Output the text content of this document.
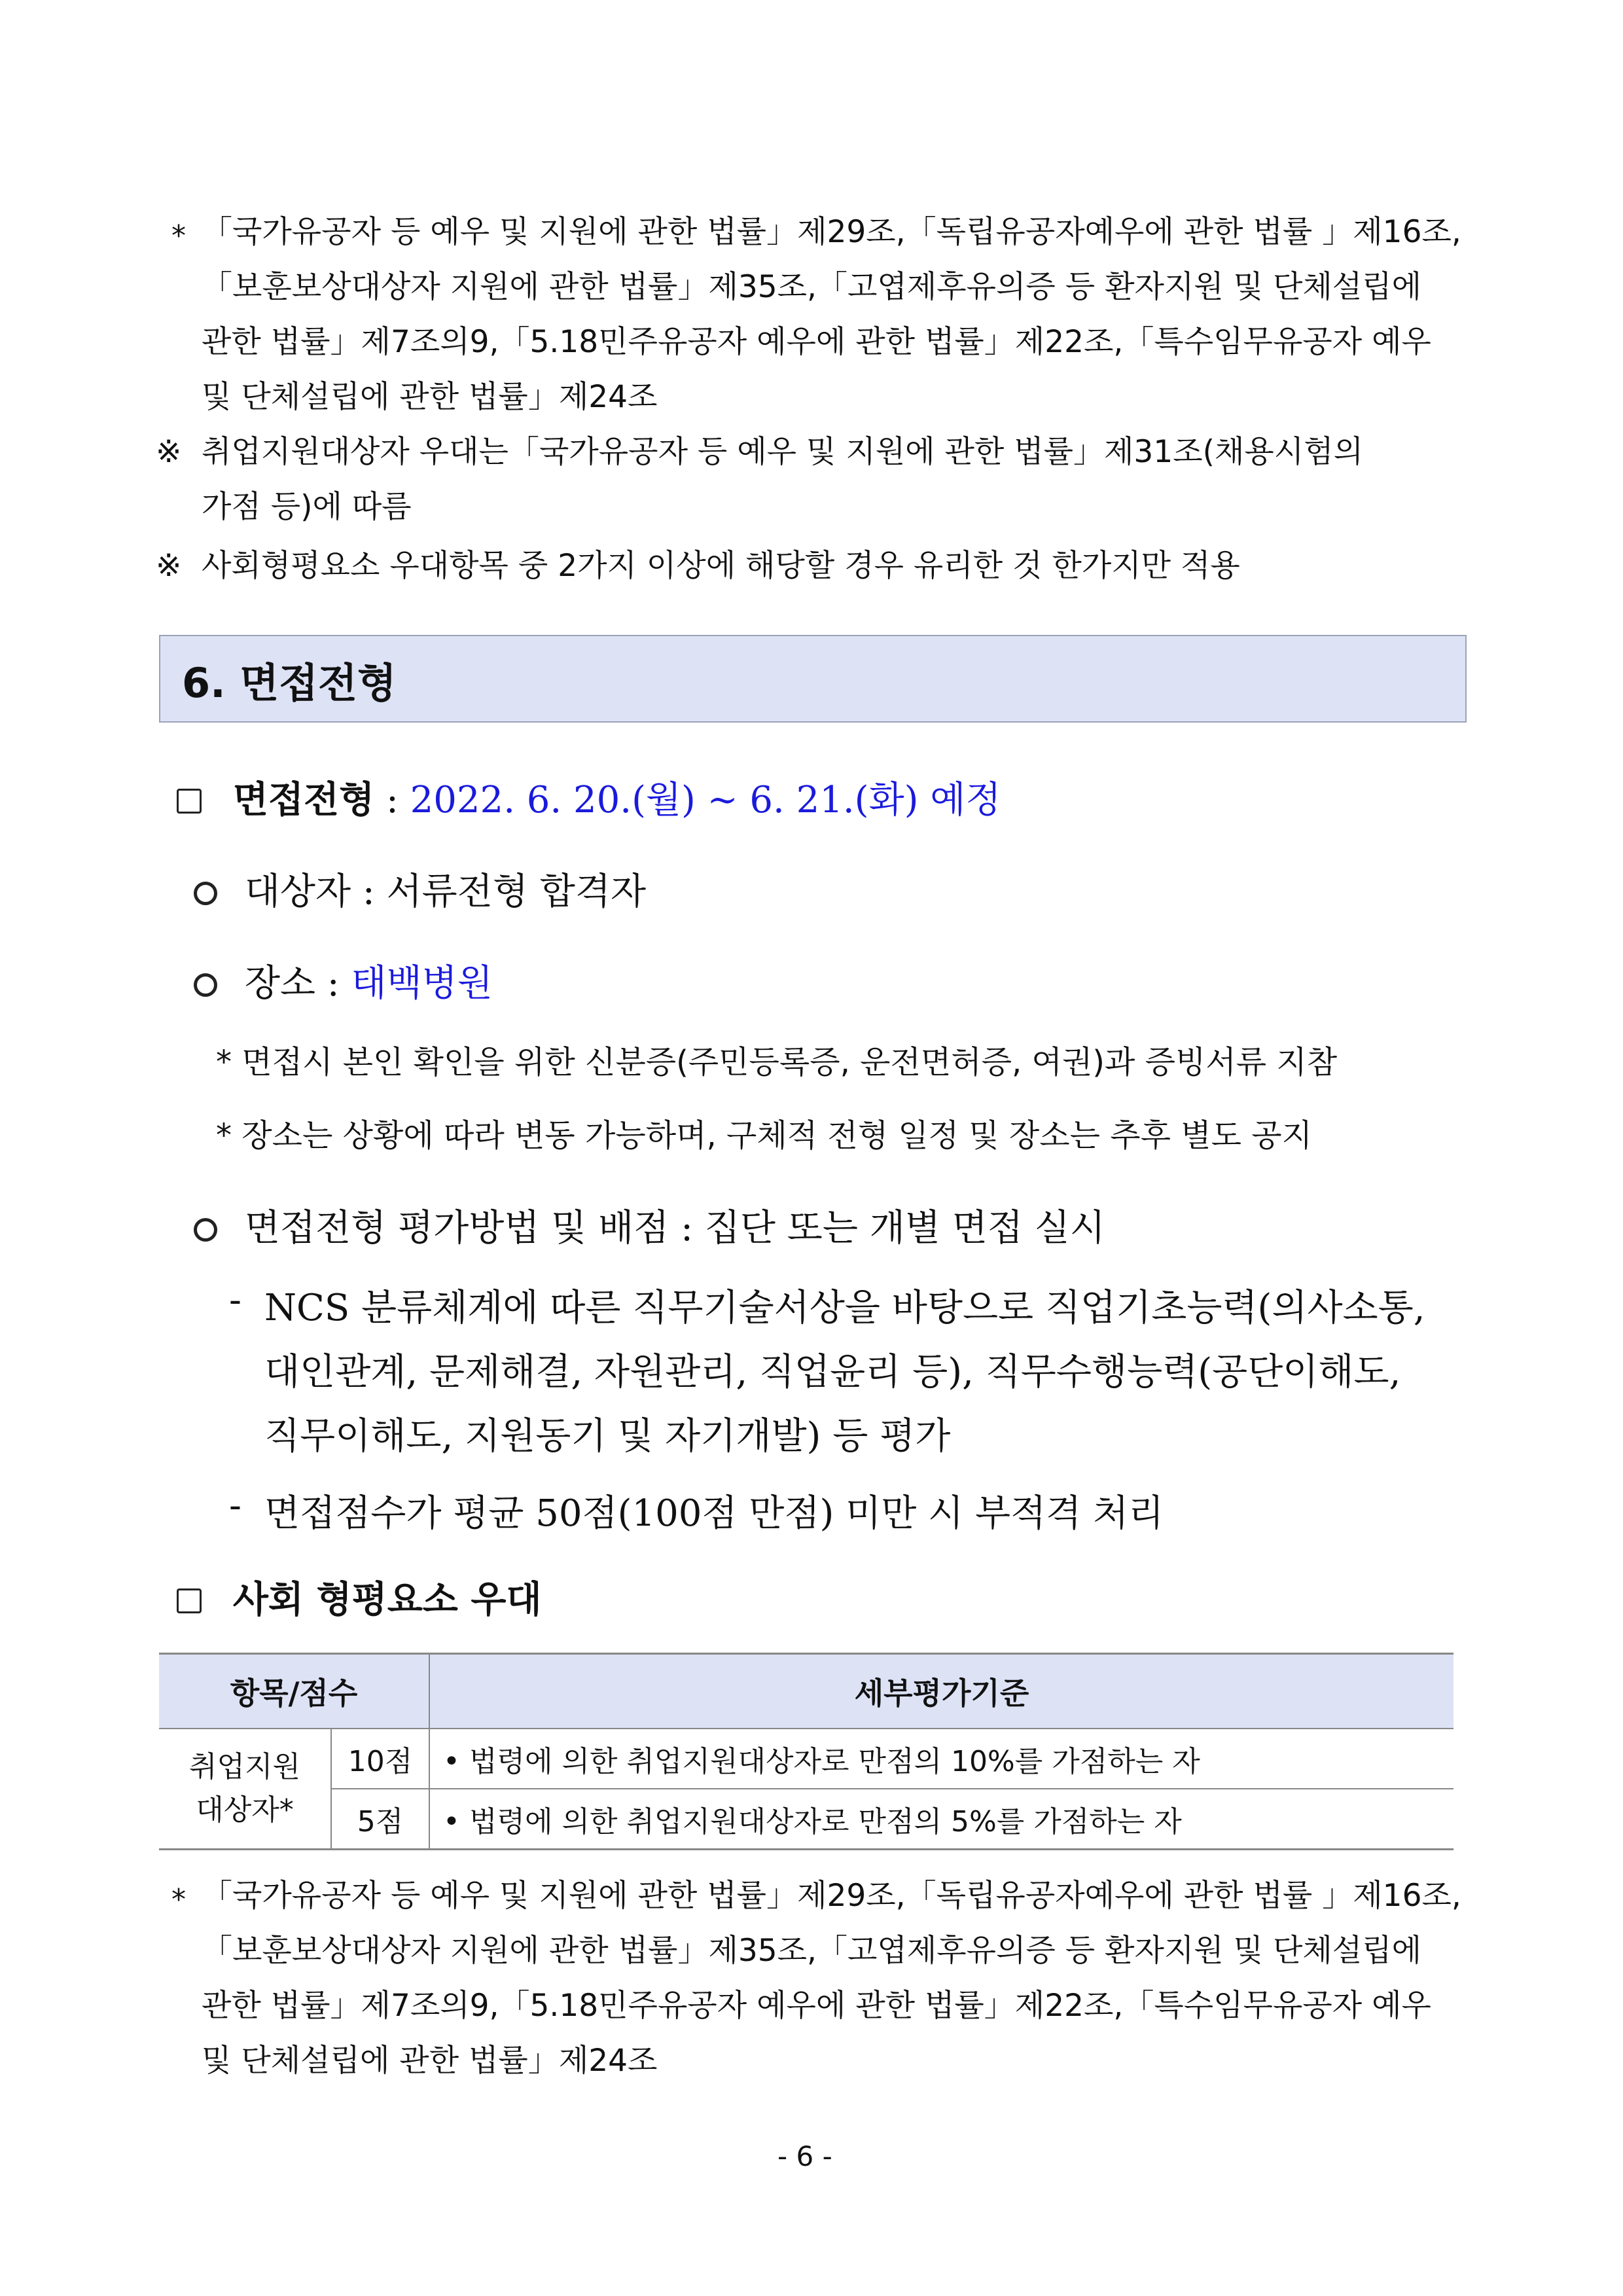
* 「국가유공자 등 예우 및 지원에 관한 법률」제29조,「독립유공자예우에 관한 법률 」제16조,
「보훈보상대상자 지원에 관한 법률」제35조,「고엽제후유의증 등 환자지원 및 단체설립에
관한 법률」제7조의9,「5.18민주유공자 예우에 관한 법률」제22조,「특수임무유공자 예우
및 단체설립에 관한 법률」제24조
※ 취업지원대상자 우대는「국가유공자 등 예우 및 지원에 관한 법률」제31조(채용시험의
가점 등)에 따름
※ 사회형평요소 우대항목 중 2가지 이상에 해당할 경우 유리한 것 한가지만 적용
6. 면접전형
면접전형 : 2022. 6. 20.(월) ~ 6. 21.(화) 예정
대상자 : 서류전형 합격자
장소 : 태백병원
* 면접시 본인 확인을 위한 신분증(주민등록증, 운전면허증, 여권)과 증빙서류 지참
* 장소는 상황에 따라 변동 가능하며, 구체적 전형 일정 및 장소는 추후 별도 공지
면접전형 평가방법 및 배점 : 집단 또는 개별 면접 실시
- NCS 분류체계에 따른 직무기술서상을 바탕으로 직업기초능력(의사소통,
대인관계, 문제해결, 자원관리, 직업윤리 등), 직무수행능력(공단이해도,
직무이해도, 지원동기 및 자기개발) 등 평가
- 면접점수가 평균 50점(100점 만점) 미만 시 부적격 처리
사회 형평요소 우대
항목/점수		세부평가기준
취업지원
대상자*	10점	• 법령에 의한 취업지원대상자로 만점의 10%를 가점하는 자
	5점	• 법령에 의한 취업지원대상자로 만점의 5%를 가점하는 자
* 「국가유공자 등 예우 및 지원에 관한 법률」제29조,「독립유공자예우에 관한 법률 」제16조,
「보훈보상대상자 지원에 관한 법률」제35조,「고엽제후유의증 등 환자지원 및 단체설립에
관한 법률」제7조의9,「5.18민주유공자 예우에 관한 법률」제22조,「특수임무유공자 예우
및 단체설립에 관한 법률」제24조
- 6 -
